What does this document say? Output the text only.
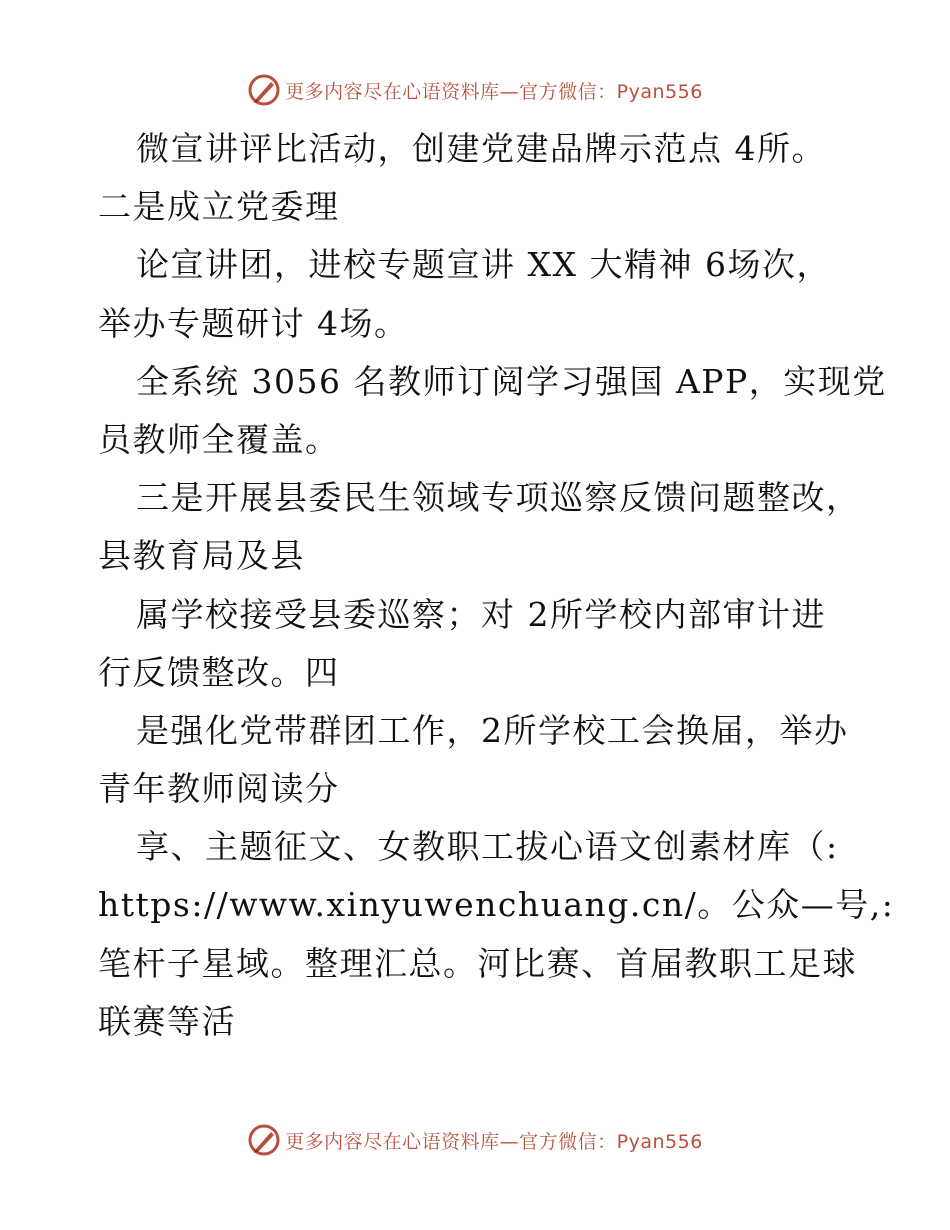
更多内容尽在心语资料库—官方微信：Pyan556
微宣讲评比活动，创建党建品牌示范点 4所。
二是成立党委理
论宣讲团，进校专题宣讲 XX 大精神 6场次，
举办专题研讨 4场。
全系统 3056 名教师订阅学习强国 APP，实现党
员教师全覆盖。
三是开展县委民生领域专项巡察反馈问题整改，
县教育局及县
属学校接受县委巡察；对 2所学校内部审计进
行反馈整改。四
是强化党带群团工作，2所学校工会换届，举办
青年教师阅读分
享、主题征文、女教职工拔心语文创素材库（:
https://www.xinyuwenchuang.cn/。公众—号,:
笔杆子星域。整理汇总。河比赛、首届教职工足球
联赛等活
更多内容尽在心语资料库—官方微信：Pyan556
